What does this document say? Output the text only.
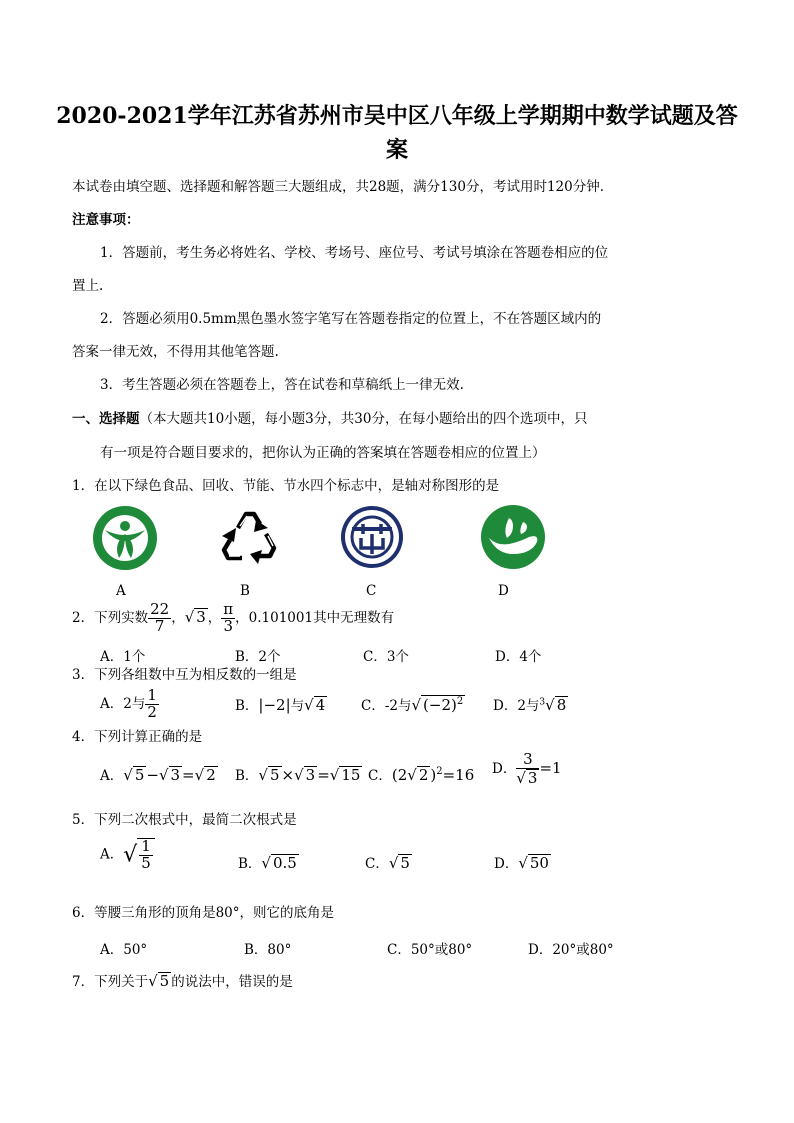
2020-2021学年江苏省苏州市吴中区八年级上学期期中数学试题及答
案
本试卷由填空题、选择题和解答题三大题组成，共28题，满分130分，考试用时120分钟.
注意事项：
1．答题前，考生务必将姓名、学校、考场号、座位号、考试号填涂在答题卷相应的位
置上.
2．答题必须用0.5mm黑色墨水签字笔写在答题卷指定的位置上，不在答题区域内的
答案一律无效，不得用其他笔答题.
3．考生答题必须在答题卷上，答在试卷和草稿纸上一律无效.
一、选择题（本大题共10小题，每小题3分，共30分，在每小题给出的四个选项中，只
有一项是符合题目要求的，把你认为正确的答案填在答题卷相应的位置上）
1．在以下绿色食品、回收、节能、节水四个标志中，是轴对称图形的是
A	B	C	D
2．下列实数 $\frac{22}{7}$ ，√ 3 ， $\frac{\pi}{3}$ ，0.101001其中无理数有
A．1个	B．2个	C．3个	D．4个
3．下列各组数中互为相反数的一组是
A．2与 $\frac{1}{2}$	B．|−2|与√ 4	C．-2与√ $(-2)^2$ D．2与$^3$√ 8
4．下列计算正确的是
A．√ 5 −√ 3 =√ 2 B．√ 5 ×√ 3 =√ 15 C．(2√ 2 )$^2$=16 D． $\frac{3}{√ 3} =1$
5．下列二次根式中，最简二次根式是
A．√ $\frac{1}{5}$	B．√ 0.5	C．√ 5	D．√ 50
6．等腰三角形的顶角是80°，则它的底角是
A．50°	B．80°	C．50°或80°	D．20°或80°
7．下列关于√ 5 的说法中，错误的是
